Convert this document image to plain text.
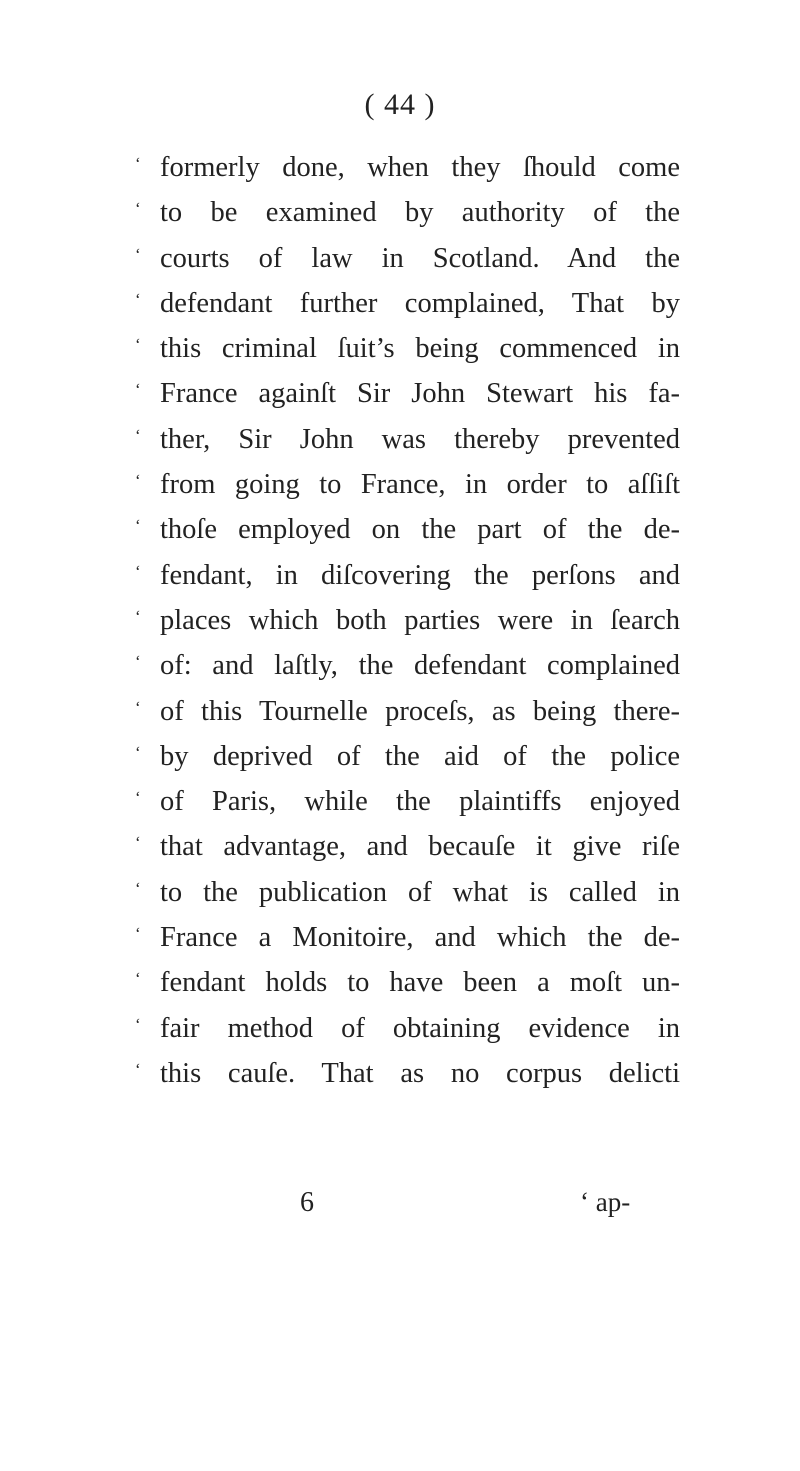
( 44 )
‘ formerly done, when they ſhould come
‘ to be examined by authority of the
‘ courts of law in Scotland. And the
‘ defendant further complained, That by
‘ this criminal ſuit’s being commenced in
‘ France againſt Sir John Stewart his fa-
‘ ther, Sir John was thereby prevented
‘ from going to France, in order to aſſiſt
‘ thoſe employed on the part of the de-
‘ fendant, in diſcovering the perſons and
‘ places which both parties were in ſearch
‘ of: and laſtly, the defendant complained
‘ of this Tournelle proceſs, as being there-
‘ by deprived of the aid of the police
‘ of Paris, while the plaintiffs enjoyed
‘ that advantage, and becauſe it give riſe
‘ to the publication of what is called in
‘ France a Monitoire, and which the de-
‘ fendant holds to have been a moſt un-
‘ fair method of obtaining evidence in
‘ this cauſe. That as no corpus delicti
6	‘ ap-
